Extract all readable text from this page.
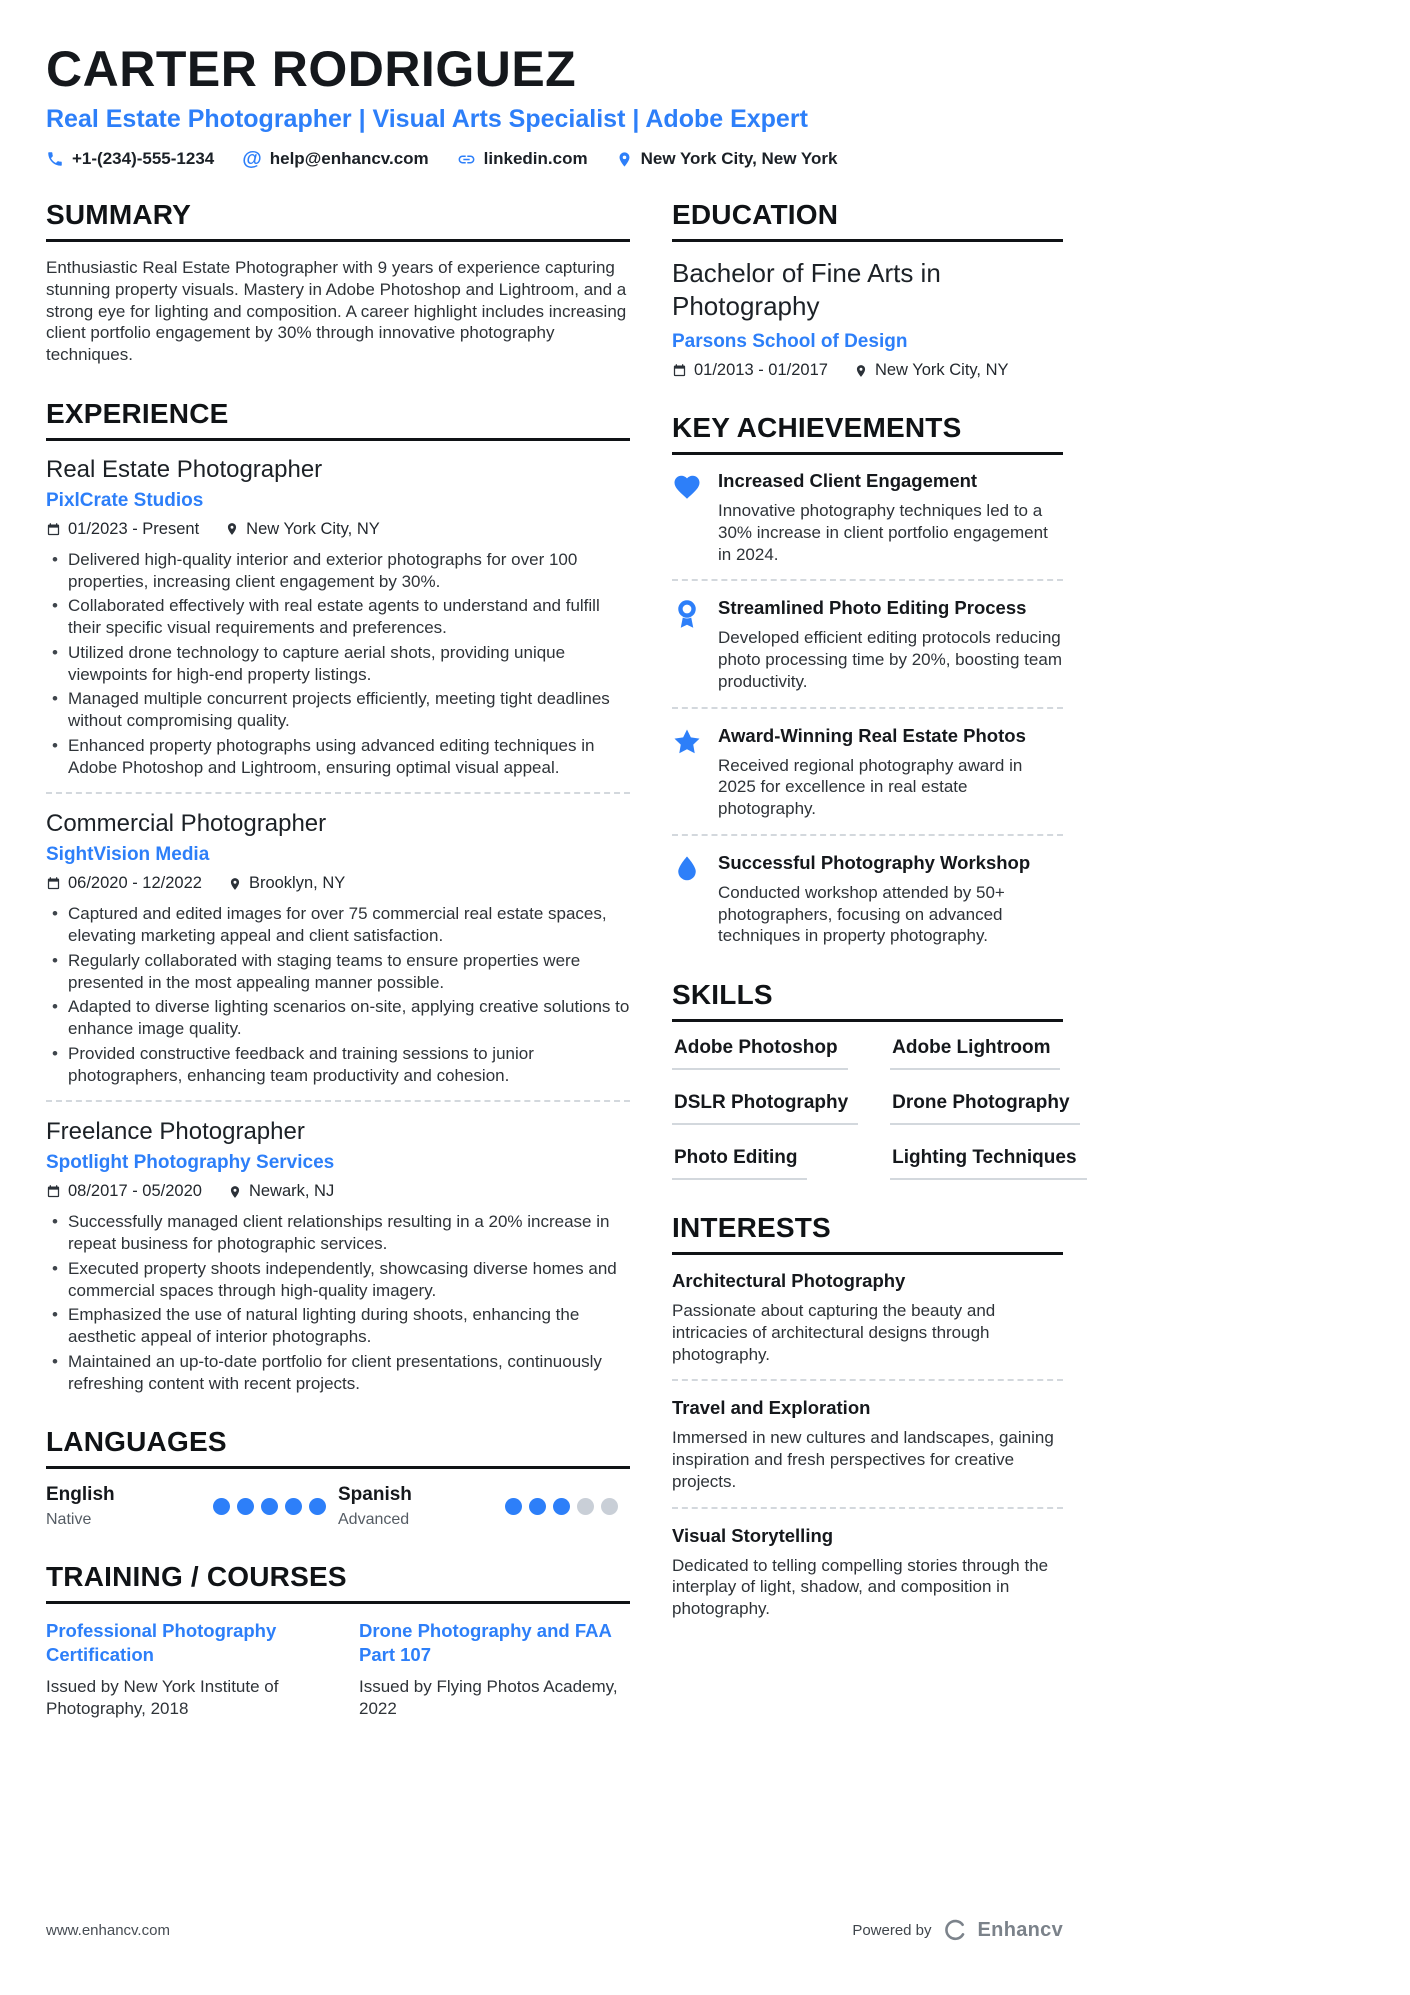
CARTER RODRIGUEZ
Real Estate Photographer | Visual Arts Specialist | Adobe Expert
+1-(234)-555-1234 @ help@enhancv.com	linkedin.com	New York City, New York
SUMMARY

Enthusiastic Real Estate Photographer with 9 years of experience capturing stunning property visuals. Mastery in Adobe Photoshop and Lightroom, and a strong eye for lighting and composition. A career highlight includes increasing client portfolio engagement by 30% through innovative photography techniques.

EXPERIENCE
Real Estate Photographer
PixlCrate Studios
01/2023 - Present	New York City, NY
• Delivered high-quality interior and exterior photographs for over 100 properties, increasing client engagement by 30%.
• Collaborated effectively with real estate agents to understand and fulfill their specific visual requirements and preferences.
• Utilized drone technology to capture aerial shots, providing unique viewpoints for high-end property listings.
• Managed multiple concurrent projects efficiently, meeting tight deadlines without compromising quality.
• Enhanced property photographs using advanced editing techniques in Adobe Photoshop and Lightroom, ensuring optimal visual appeal.
Commercial Photographer
SightVision Media
06/2020 - 12/2022	Brooklyn, NY
• Captured and edited images for over 75 commercial real estate spaces, elevating marketing appeal and client satisfaction.
• Regularly collaborated with staging teams to ensure properties were presented in the most appealing manner possible.
• Adapted to diverse lighting scenarios on-site, applying creative solutions to enhance image quality.
• Provided constructive feedback and training sessions to junior photographers, enhancing team productivity and cohesion.
Freelance Photographer
Spotlight Photography Services
08/2017 - 05/2020	Newark, NJ
• Successfully managed client relationships resulting in a 20% increase in repeat business for photographic services.
• Executed property shoots independently, showcasing diverse homes and commercial spaces through high-quality imagery.
• Emphasized the use of natural lighting during shoots, enhancing the aesthetic appeal of interior photographs.
• Maintained an up-to-date portfolio for client presentations, continuously refreshing content with recent projects.
LANGUAGES
English
Native
Spanish
Advanced
TRAINING / COURSES
Professional Photography Certification
Issued by New York Institute of Photography, 2018
Drone Photography and FAA Part 107
Issued by Flying Photos Academy, 2022
EDUCATION
Bachelor of Fine Arts in Photography
Parsons School of Design
01/2013 - 01/2017	New York City, NY
KEY ACHIEVEMENTS
Increased Client Engagement

Innovative photography techniques led to a 30% increase in client portfolio engagement in 2024.

Streamlined Photo Editing Process

Developed efficient editing protocols reducing photo processing time by 20%, boosting team productivity.

Award-Winning Real Estate Photos

Received regional photography award in 2025 for excellence in real estate photography.

Successful Photography Workshop

Conducted workshop attended by 50+ photographers, focusing on advanced techniques in property photography.

SKILLS
Adobe Photoshop	Adobe Lightroom
DSLR Photography	Drone Photography
Photo Editing	Lighting Techniques
INTERESTS
Architectural Photography

Passionate about capturing the beauty and intricacies of architectural designs through photography.

Travel and Exploration

Immersed in new cultures and landscapes, gaining inspiration and fresh perspectives for creative projects.

Visual Storytelling

Dedicated to telling compelling stories through the interplay of light, shadow, and composition in photography.

www.enhancv.com	Powered by Enhancv
